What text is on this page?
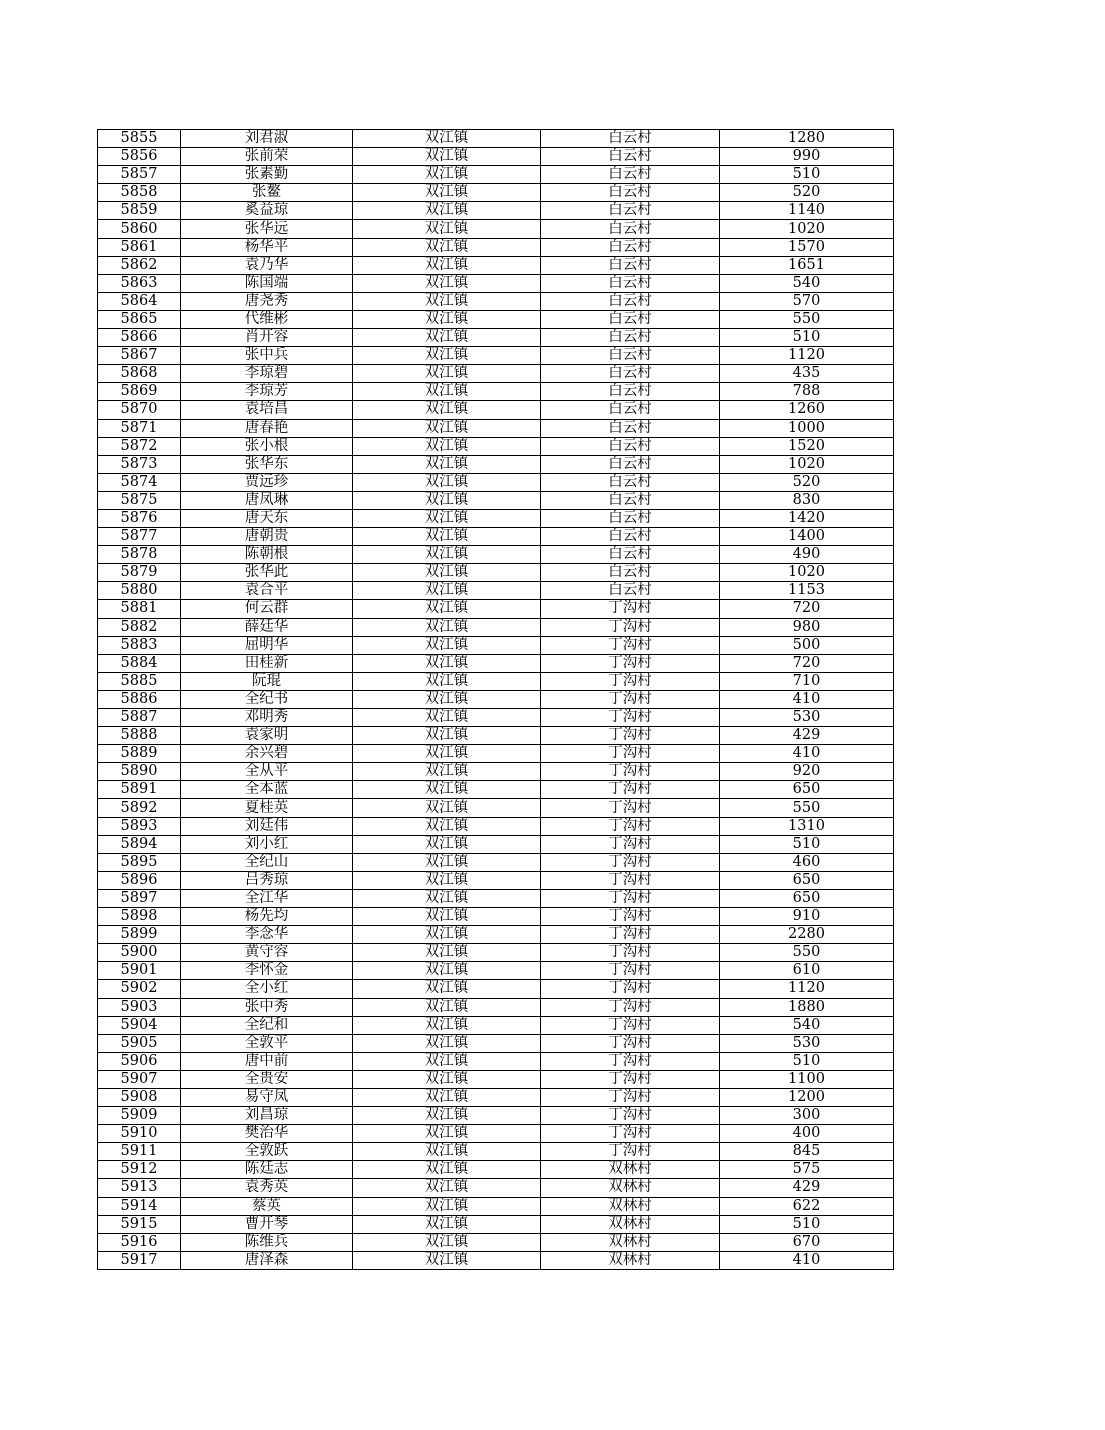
5855	刘君淑	双江镇	白云村	1280
5856	张前荣	双江镇	白云村	990
5857	张素勤	双江镇	白云村	510
5858	张鳌	双江镇	白云村	520
5859	奚益琼	双江镇	白云村	1140
5860	张华远	双江镇	白云村	1020
5861	杨华平	双江镇	白云村	1570
5862	袁乃华	双江镇	白云村	1651
5863	陈国端	双江镇	白云村	540
5864	唐尧秀	双江镇	白云村	570
5865	代维彬	双江镇	白云村	550
5866	肖开容	双江镇	白云村	510
5867	张中兵	双江镇	白云村	1120
5868	李琼碧	双江镇	白云村	435
5869	李琼芳	双江镇	白云村	788
5870	袁培昌	双江镇	白云村	1260
5871	唐春艳	双江镇	白云村	1000
5872	张小根	双江镇	白云村	1520
5873	张华东	双江镇	白云村	1020
5874	贾远珍	双江镇	白云村	520
5875	唐凤琳	双江镇	白云村	830
5876	唐天东	双江镇	白云村	1420
5877	唐朝贵	双江镇	白云村	1400
5878	陈朝根	双江镇	白云村	490
5879	张华此	双江镇	白云村	1020
5880	袁合平	双江镇	白云村	1153
5881	何云群	双江镇	丁沟村	720
5882	薛廷华	双江镇	丁沟村	980
5883	屈明华	双江镇	丁沟村	500
5884	田桂新	双江镇	丁沟村	720
5885	阮琨	双江镇	丁沟村	710
5886	全纪书	双江镇	丁沟村	410
5887	邓明秀	双江镇	丁沟村	530
5888	袁家明	双江镇	丁沟村	429
5889	余兴碧	双江镇	丁沟村	410
5890	全从平	双江镇	丁沟村	920
5891	全本蓝	双江镇	丁沟村	650
5892	夏桂英	双江镇	丁沟村	550
5893	刘廷伟	双江镇	丁沟村	1310
5894	刘小红	双江镇	丁沟村	510
5895	全纪山	双江镇	丁沟村	460
5896	吕秀琼	双江镇	丁沟村	650
5897	全江华	双江镇	丁沟村	650
5898	杨先均	双江镇	丁沟村	910
5899	李念华	双江镇	丁沟村	2280
5900	黄守容	双江镇	丁沟村	550
5901	李怀金	双江镇	丁沟村	610
5902	全小红	双江镇	丁沟村	1120
5903	张中秀	双江镇	丁沟村	1880
5904	全纪和	双江镇	丁沟村	540
5905	全敦平	双江镇	丁沟村	530
5906	唐中前	双江镇	丁沟村	510
5907	全贵安	双江镇	丁沟村	1100
5908	易守凤	双江镇	丁沟村	1200
5909	刘昌琼	双江镇	丁沟村	300
5910	樊治华	双江镇	丁沟村	400
5911	全敦跃	双江镇	丁沟村	845
5912	陈廷志	双江镇	双林村	575
5913	袁秀英	双江镇	双林村	429
5914	蔡英	双江镇	双林村	622
5915	曹开琴	双江镇	双林村	510
5916	陈维兵	双江镇	双林村	670
5917	唐泽森	双江镇	双林村	410
